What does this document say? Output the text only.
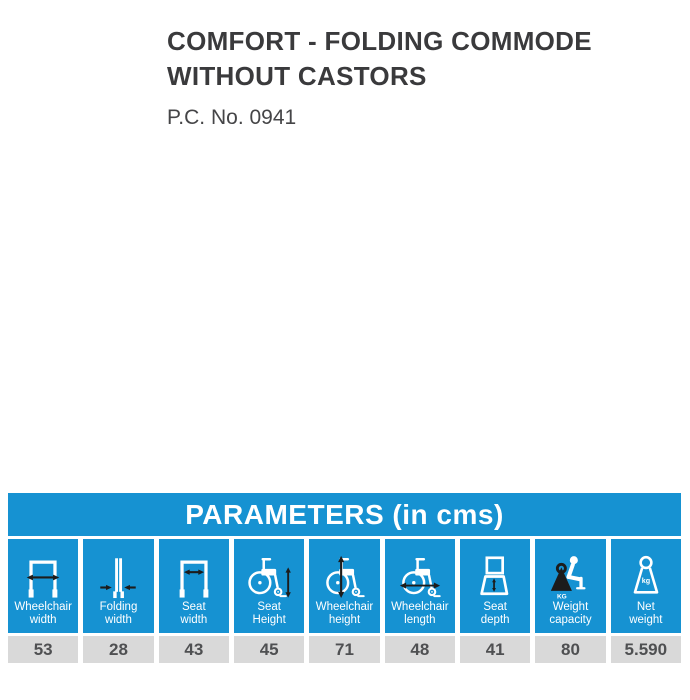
COMFORT - FOLDING COMMODE
WITHOUT CASTORS
P.C. No. 0941
PARAMETERS (in cms)
Wheelchair
width
53
Folding
width
28
Seat
width
43
Seat
Height
45
Wheelchair
height
71
Wheelchair
length
48
Seat
depth
41
KG
Weight
capacity
80
kg
Net
weight
5.590
